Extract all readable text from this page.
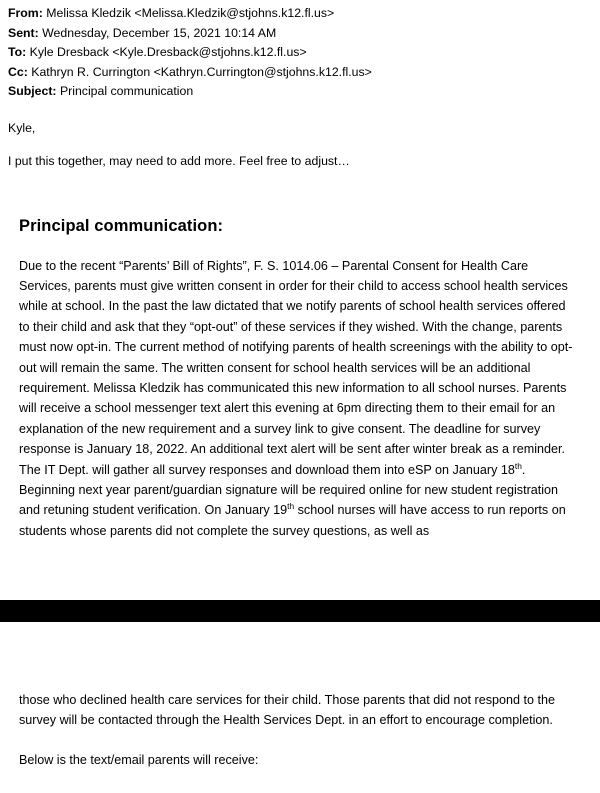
From: Melissa Kledzik <Melissa.Kledzik@stjohns.k12.fl.us>
Sent: Wednesday, December 15, 2021 10:14 AM
To: Kyle Dresback <Kyle.Dresback@stjohns.k12.fl.us>
Cc: Kathryn R. Currington <Kathryn.Currington@stjohns.k12.fl.us>
Subject: Principal communication
Kyle,
I put this together, may need to add more. Feel free to adjust…
Principal communication:
Due to the recent “Parents’ Bill of Rights”, F. S. 1014.06 – Parental Consent for Health Care Services, parents must give written consent in order for their child to access school health services while at school. In the past the law dictated that we notify parents of school health services offered to their child and ask that they “opt-out” of these services if they wished. With the change, parents must now opt-in. The current method of notifying parents of health screenings with the ability to opt-out will remain the same. The written consent for school health services will be an additional requirement. Melissa Kledzik has communicated this new information to all school nurses. Parents will receive a school messenger text alert this evening at 6pm directing them to their email for an explanation of the new requirement and a survey link to give consent. The deadline for survey response is January 18, 2022. An additional text alert will be sent after winter break as a reminder. The IT Dept. will gather all survey responses and download them into eSP on January 18th. Beginning next year parent/guardian signature will be required online for new student registration and retuning student verification. On January 19th school nurses will have access to run reports on students whose parents did not complete the survey questions, as well as
those who declined health care services for their child. Those parents that did not respond to the survey will be contacted through the Health Services Dept. in an effort to encourage completion.
Below is the text/email parents will receive:
